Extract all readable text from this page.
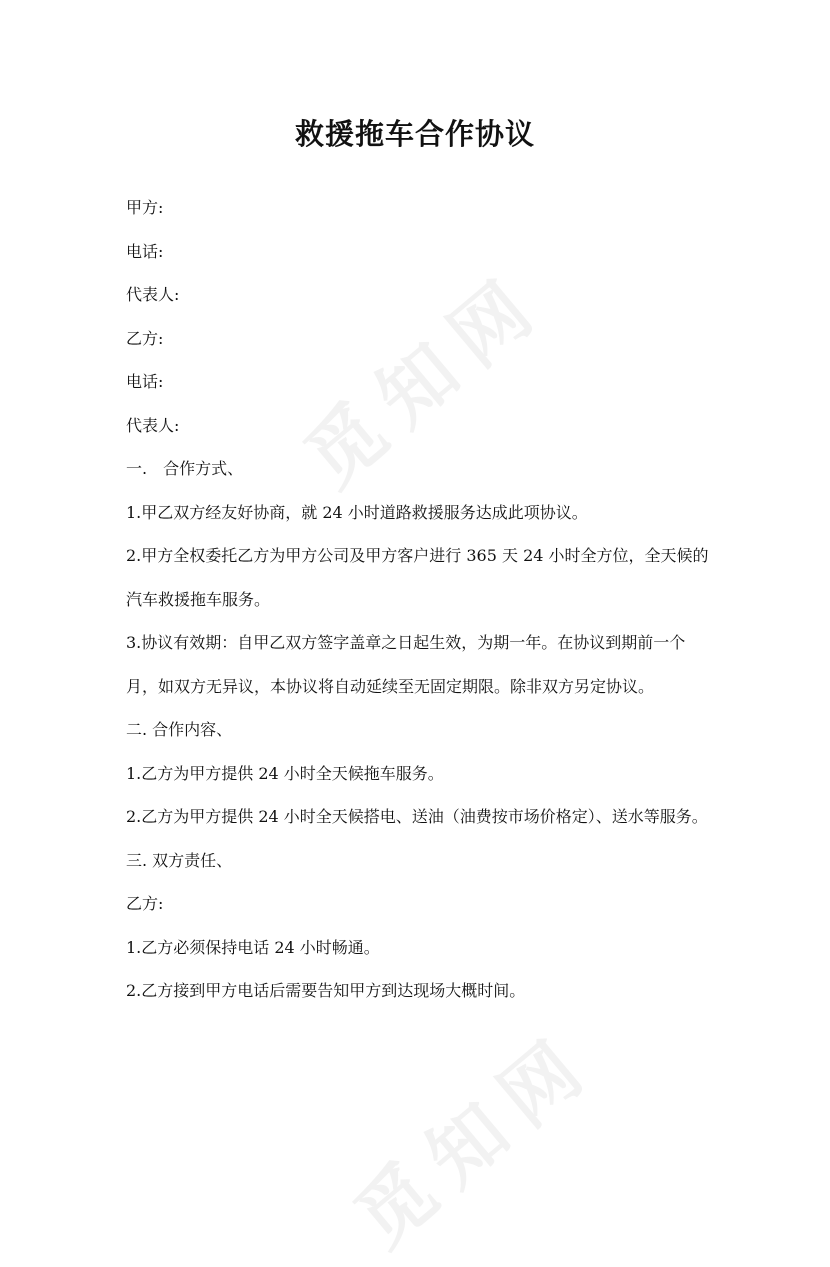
觅知网
觅知网
救援拖车合作协议

甲方:

电话:

代表人:

乙方:

电话:

代表人:

一.　合作方式、

1.甲乙双方经友好协商，就 24 小时道路救援服务达成此项协议。

2.甲方全权委托乙方为甲方公司及甲方客户进行 365 天 24 小时全方位，全天候的汽车救援拖车服务。

3.协议有效期：自甲乙双方签字盖章之日起生效，为期一年。在协议到期前一个月，如双方无异议，本协议将自动延续至无固定期限。除非双方另定协议。

二. 合作内容、

1.乙方为甲方提供 24 小时全天候拖车服务。

2.乙方为甲方提供 24 小时全天候搭电、送油（油费按市场价格定）、送水等服务。

三. 双方责任、

乙方:

1.乙方必须保持电话 24 小时畅通。

2.乙方接到甲方电话后需要告知甲方到达现场大概时间。
